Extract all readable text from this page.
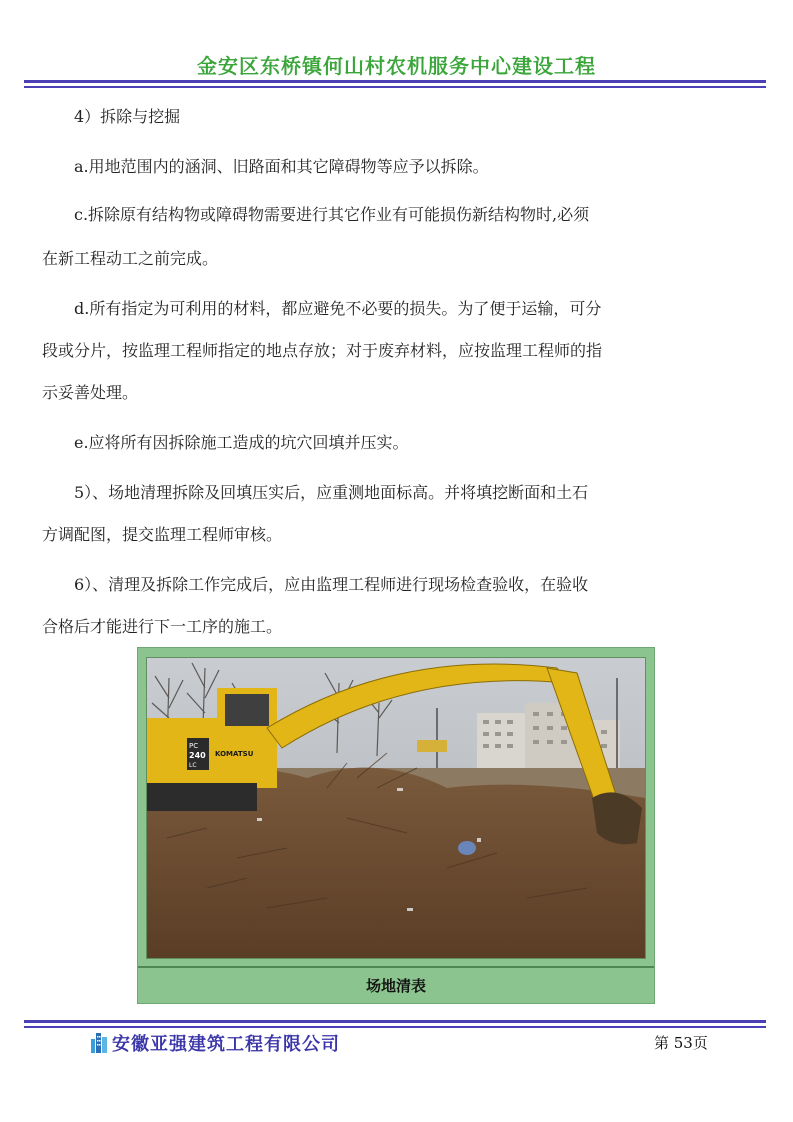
金安区东桥镇何山村农机服务中心建设工程

4）拆除与挖掘

a.用地范围内的涵洞、旧路面和其它障碍物等应予以拆除。

c.拆除原有结构物或障碍物需要进行其它作业有可能损伤新结构物时,必须

在新工程动工之前完成。

d.所有指定为可利用的材料，都应避免不必要的损失。为了便于运输，可分

段或分片，按监理工程师指定的地点存放；对于废弃材料，应按监理工程师的指

示妥善处理。

e.应将所有因拆除施工造成的坑穴回填并压实。

5）、场地清理拆除及回填压实后，应重测地面标高。并将填挖断面和土石

方调配图，提交监理工程师审核。

6）、清理及拆除工作完成后，应由监理工程师进行现场检查验收，在验收

合格后才能进行下一工序的施工。

PC
240
LC
KOMATSU
场地清表
安徽亚强建筑工程有限公司	第 53页
